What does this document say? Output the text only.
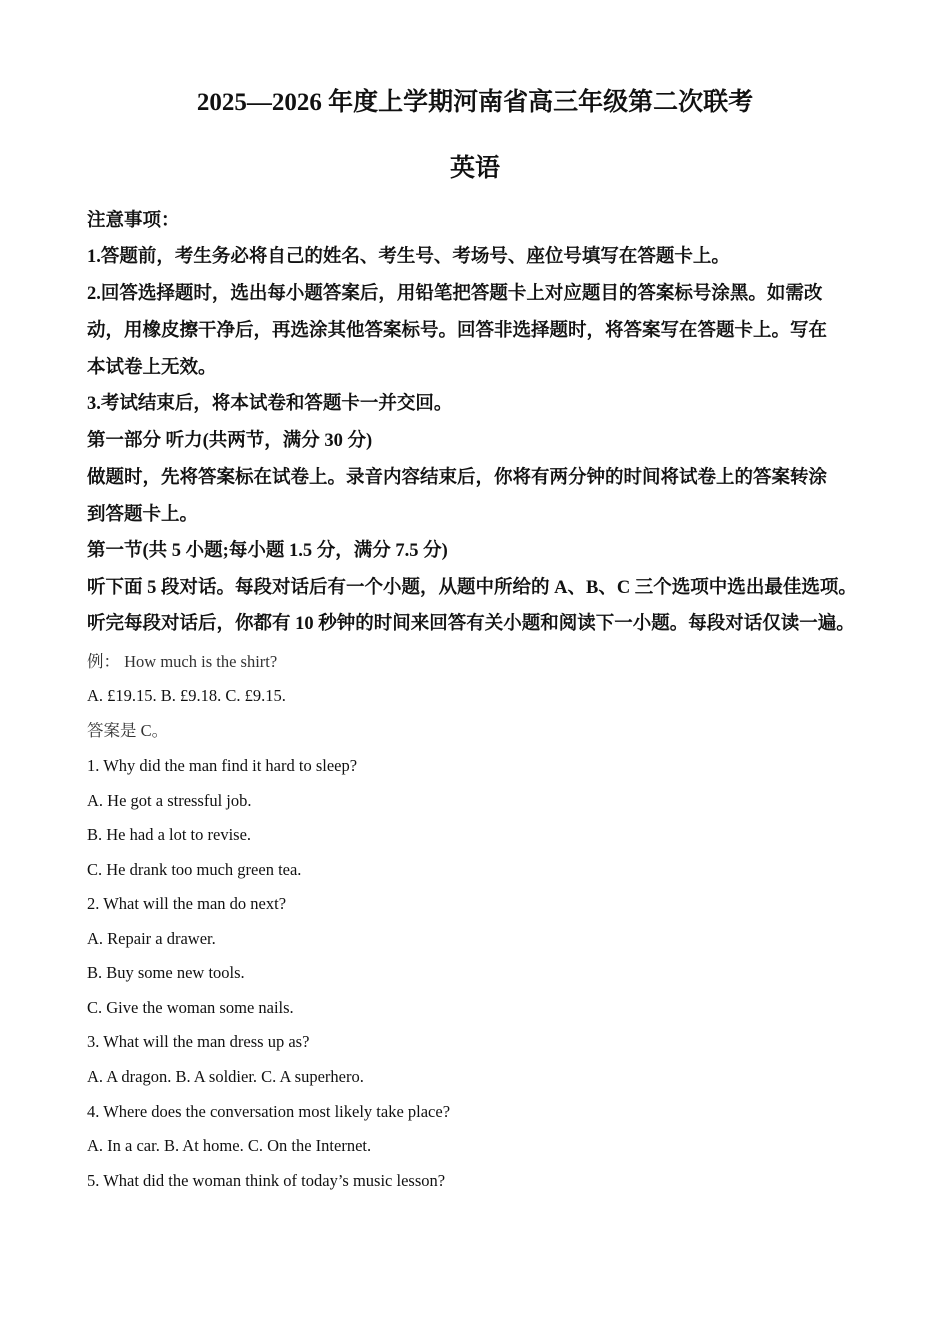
2025—2026 年度上学期河南省高三年级第二次联考
英语
注意事项：
1.答题前，考生务必将自己的姓名、考生号、考场号、座位号填写在答题卡上。
2.回答选择题时，选出每小题答案后，用铅笔把答题卡上对应题目的答案标号涂黑。如需改
动，用橡皮擦干净后，再选涂其他答案标号。回答非选择题时，将答案写在答题卡上。写在
本试卷上无效。
3.考试结束后，将本试卷和答题卡一并交回。
第一部分 听力(共两节，满分 30 分)
做题时，先将答案标在试卷上。录音内容结束后，你将有两分钟的时间将试卷上的答案转涂
到答题卡上。
第一节(共 5 小题;每小题 1.5 分，满分 7.5 分)
听下面 5 段对话。每段对话后有一个小题，从题中所给的 A、B、C 三个选项中选出最佳选项。
听完每段对话后，你都有 10 秒钟的时间来回答有关小题和阅读下一小题。每段对话仅读一遍。
例： How much is the shirt?
A. £19.15. B. £9.18. C. £9.15.
答案是 C。
1. Why did the man find it hard to sleep?
A. He got a stressful job.
B. He had a lot to revise.
C. He drank too much green tea.
2. What will the man do next?
A. Repair a drawer.
B. Buy some new tools.
C. Give the woman some nails.
3. What will the man dress up as?
A. A dragon. B. A soldier. C. A superhero.
4. Where does the conversation most likely take place?
A. In a car. B. At home. C. On the Internet.
5. What did the woman think of today’s music lesson?
